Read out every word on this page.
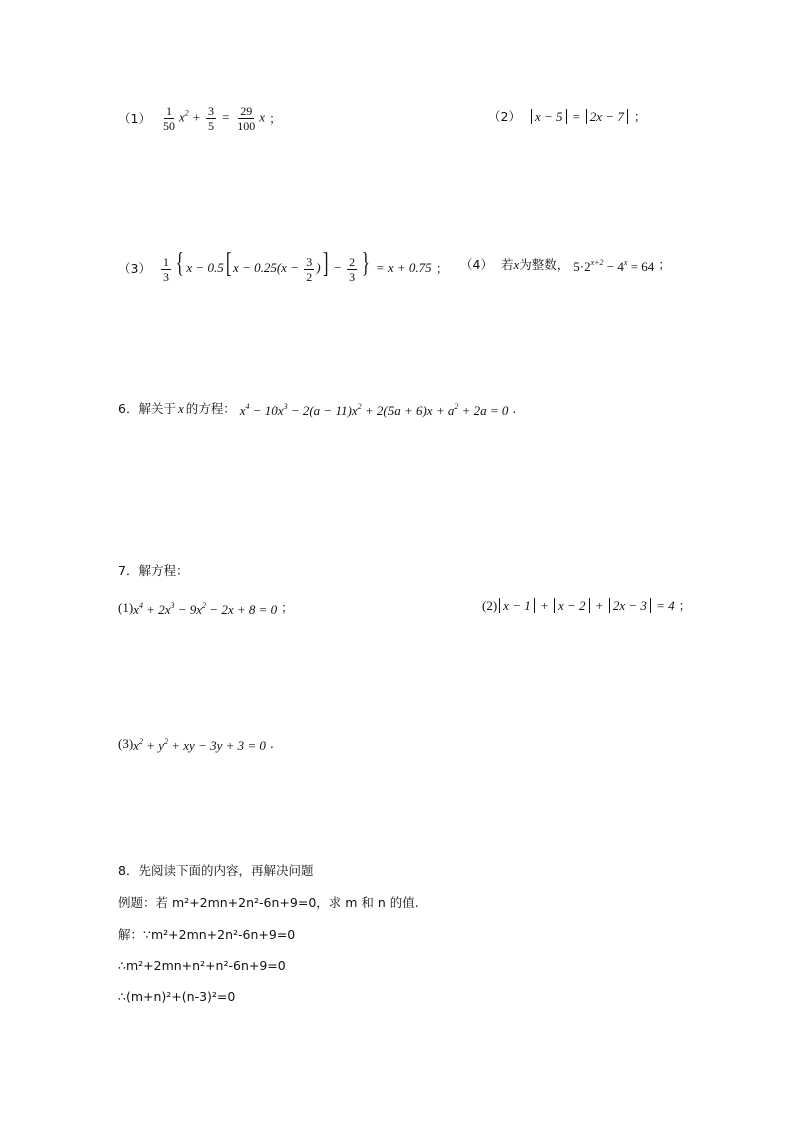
$(1) \frac{1}{50} x^2 + \frac{3}{5} = \frac{29}{100}$ x ；	（2）	x − 5 = 2x − 7 ；
$(3) \frac{1}{3}$ { x − 0.5[ $x - 0.25(x - \frac{3}{2}$ )] − $\frac{2}{3}$ } = x + 0.75 ； （4） 若 x 为整数， $5\cdot 2^{x+2} - 4^x = 64$ ；
6．解关于 x 的方程： $x^4 - 10x^3 - 2(a - 11)x^2 + 2(5a + 6)x + a^2 + 2a = 0$ .
7．解方程：
(1) $x^4 + 2x^3 - 9x^2 - 2x + 8 = 0$ ；	(2) x − 1 + x − 2 + 2x − 3 = 4 ；
(3) $x^2 + y^2$ + xy − 3y + 3 = 0 .
8．先阅读下面的内容，再解决问题
例题：若 m²+2mn+2n²-6n+9=0，求 m 和 n 的值.
解：∵m²+2mn+2n²-6n+9=0
∴m²+2mn+n²+n²-6n+9=0
∴(m+n)²+(n-3)²=0
